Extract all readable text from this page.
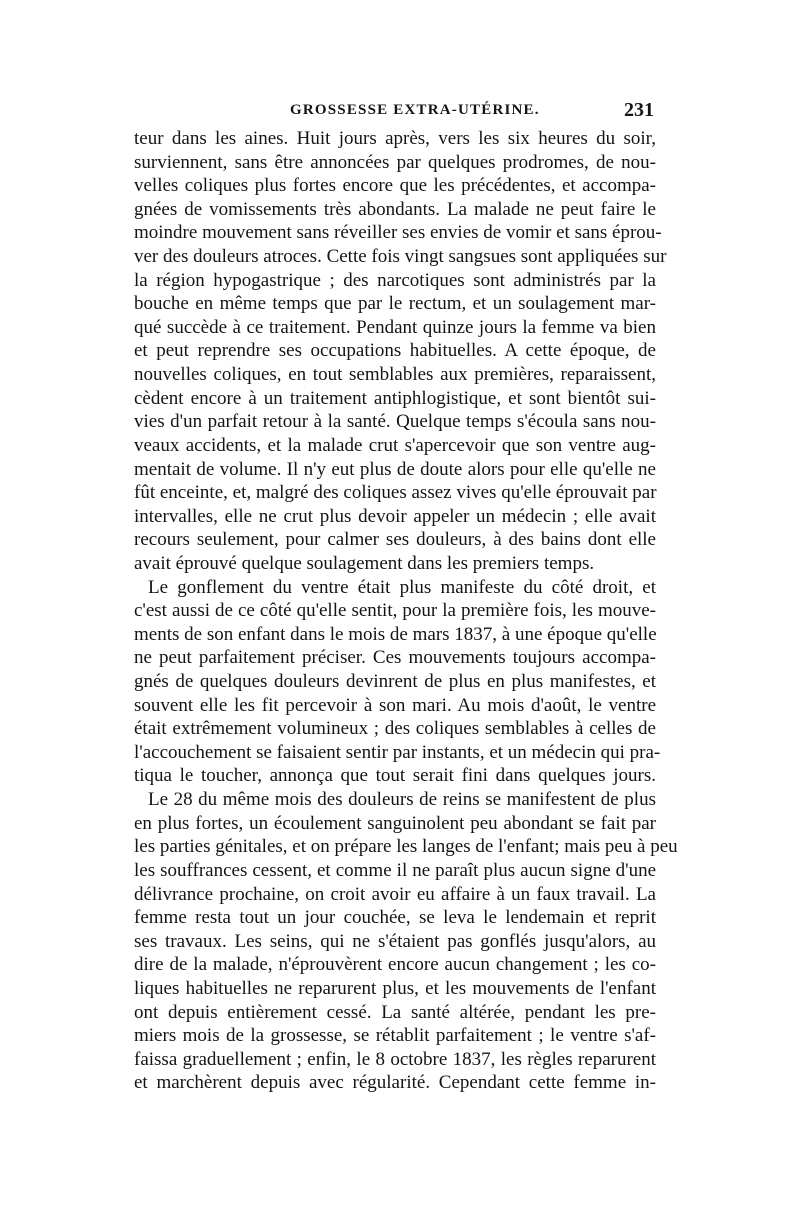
GROSSESSE EXTRA-UTÉRINE.	231
teur dans les aines. Huit jours après, vers les six heures du soir,
surviennent, sans être annoncées par quelques prodromes, de nou-
velles coliques plus fortes encore que les précédentes, et accompa-
gnées de vomissements très abondants. La malade ne peut faire le
moindre mouvement sans réveiller ses envies de vomir et sans éprou-
ver des douleurs atroces. Cette fois vingt sangsues sont appliquées sur
la région hypogastrique ; des narcotiques sont administrés par la
bouche en même temps que par le rectum, et un soulagement mar-
qué succède à ce traitement. Pendant quinze jours la femme va bien
et peut reprendre ses occupations habituelles. A cette époque, de
nouvelles coliques, en tout semblables aux premières, reparaissent,
cèdent encore à un traitement antiphlogistique, et sont bientôt sui-
vies d'un parfait retour à la santé. Quelque temps s'écoula sans nou-
veaux accidents, et la malade crut s'apercevoir que son ventre aug-
mentait de volume. Il n'y eut plus de doute alors pour elle qu'elle ne
fût enceinte, et, malgré des coliques assez vives qu'elle éprouvait par
intervalles, elle ne crut plus devoir appeler un médecin ; elle avait
recours seulement, pour calmer ses douleurs, à des bains dont elle
avait éprouvé quelque soulagement dans les premiers temps.
Le gonflement du ventre était plus manifeste du côté droit, et
c'est aussi de ce côté qu'elle sentit, pour la première fois, les mouve-
ments de son enfant dans le mois de mars 1837, à une époque qu'elle
ne peut parfaitement préciser. Ces mouvements toujours accompa-
gnés de quelques douleurs devinrent de plus en plus manifestes, et
souvent elle les fit percevoir à son mari. Au mois d'août, le ventre
était extrêmement volumineux ; des coliques semblables à celles de
l'accouchement se faisaient sentir par instants, et un médecin qui pra-
tiqua le toucher, annonça que tout serait fini dans quelques jours.
Le 28 du même mois des douleurs de reins se manifestent de plus
en plus fortes, un écoulement sanguinolent peu abondant se fait par
les parties génitales, et on prépare les langes de l'enfant; mais peu à peu
les souffrances cessent, et comme il ne paraît plus aucun signe d'une
délivrance prochaine, on croit avoir eu affaire à un faux travail. La
femme resta tout un jour couchée, se leva le lendemain et reprit
ses travaux. Les seins, qui ne s'étaient pas gonflés jusqu'alors, au
dire de la malade, n'éprouvèrent encore aucun changement ; les co-
liques habituelles ne reparurent plus, et les mouvements de l'enfant
ont depuis entièrement cessé. La santé altérée, pendant les pre-
miers mois de la grossesse, se rétablit parfaitement ; le ventre s'af-
faissa graduellement ; enfin, le 8 octobre 1837, les règles reparurent
et marchèrent depuis avec régularité. Cependant cette femme in-
